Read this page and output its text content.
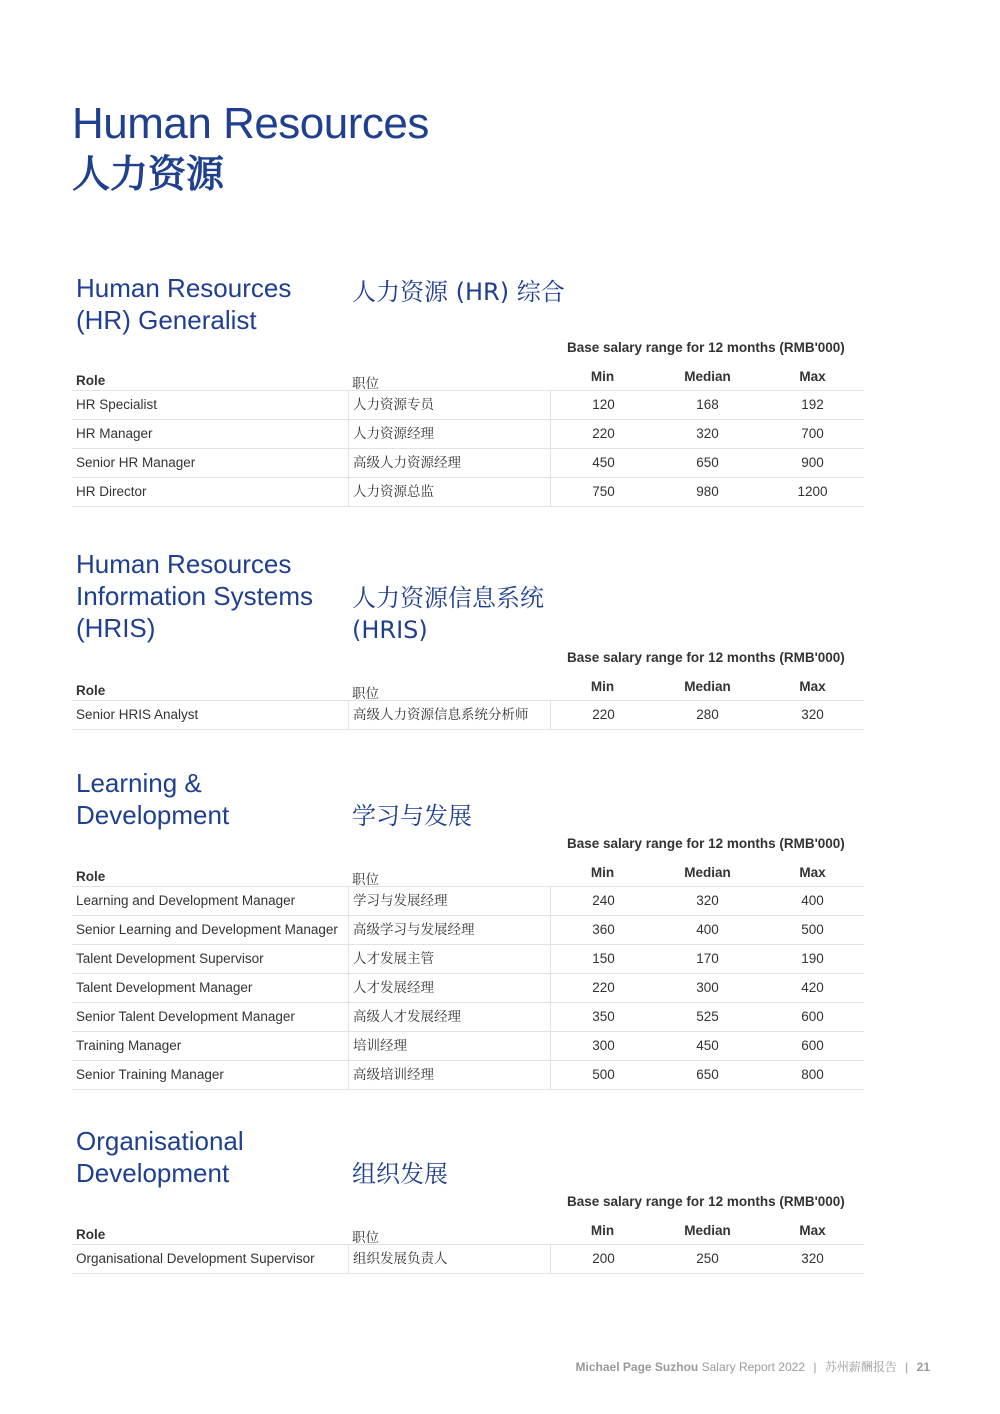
Human Resources
人力资源
Human Resources (HR) Generalist
人力资源 (HR) 综合
Base salary range for 12 months (RMB'000)
Role	职位	Min	Median	Max
HR Specialist	人力资源专员	120	168	192
HR Manager	人力资源经理	220	320	700
Senior HR Manager	高级人力资源经理	450	650	900
HR Director	人力资源总监	750	980	1200
Human Resources Information Systems (HRIS)
人力资源信息系统 (HRIS)
Base salary range for 12 months (RMB'000)
Role	职位	Min	Median	Max
Senior HRIS Analyst	高级人力资源信息系统分析师	220	280	320
Learning & Development	学习与发展
Base salary range for 12 months (RMB'000)
Role	职位	Min	Median	Max
Learning and Development Manager	学习与发展经理	240	320	400
Senior Learning and Development Manager	高级学习与发展经理	360	400	500
Talent Development Supervisor	人才发展主管	150	170	190
Talent Development Manager	人才发展经理	220	300	420
Senior Talent Development Manager	高级人才发展经理	350	525	600
Training Manager	培训经理	300	450	600
Senior Training Manager	高级培训经理	500	650	800
Organisational Development	组织发展
Base salary range for 12 months (RMB'000)
Role	职位	Min	Median	Max
Organisational Development Supervisor	组织发展负责人	200	250	320
Michael Page Suzhou Salary Report 2022 | 苏州薪酬报告 | 21
